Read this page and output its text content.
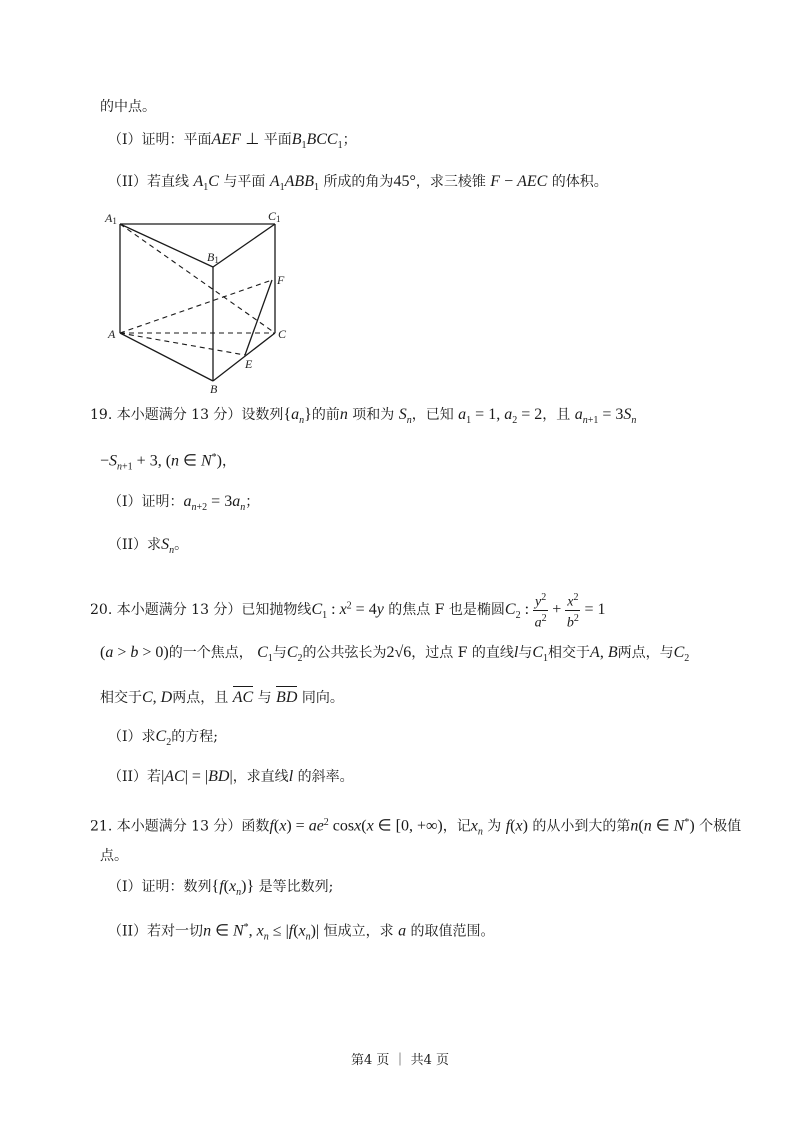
的中点。
（I）证明：平面AEF ⊥ 平面$B_1BCC_1$；
（II）若直线 $A_1C$ 与平面 $A_1ABB_1$ 所成的角为45°，求三棱锥 F − AEC 的体积。
A1	C1
B1
F
A	C
E
B
19. 本小题满分 13 分）设数列$\{a_n\}$的前n 项和为 $S_n$，已知 $a_1 = 1$, $a_2 = 2$，且 $a_{n+1} = 3S_n$
$-S_{n+1} + 3$, (n ∈ N*)，
（I）证明：$a_{n+2} = 3a_n$；
（II）求$S_n$。
20. 本小题满分 13 分）已知抛物线$C_1$ : $x^2 = 4y$ 的焦点 F 也是椭圆$C_2$ : $\frac{y^2}{a^2} + \frac{x^2}{b^2} = 1$
(a > b > 0)的一个焦点， $C_1$与$C_2$的公共弦长为2√6，过点 F 的直线l与$C_1$相交于A, B两点，与$C_2$
相交于C, D两点，且 AC 与 BD 同向。
（I）求$C_2$的方程;
（II）若|AC| = |BD|，求直线l 的斜率。
21. 本小题满分 13 分）函数$f(x) = ae^2$ cosx(x ∈ [0, +∞)，记$x_n$ 为 f(x) 的从小到大的第n(n ∈ N*) 个极值
点。
（I）证明：数列$\{f(x_n)\}$ 是等比数列;
（II）若对一切n ∈ N*, $x_n \le |f(x_n)|$ 恒成立，求 a 的取值范围。
第4 页 ｜ 共4 页
